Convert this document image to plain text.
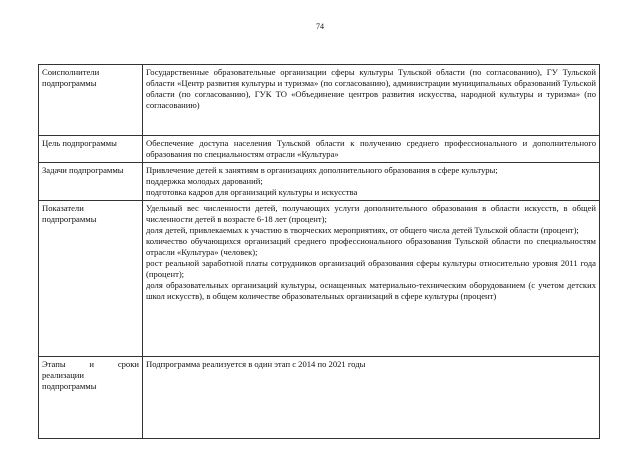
74
Соисполнители подпрограммы	Государственные образовательные организации сферы культуры Тульской области (по согласованию), ГУ Тульской области «Центр развития культуры и туризма» (по согласованию), администрации муниципальных образований Тульской области (по согласованию), ГУК ТО «Объединение центров развития искусства, народной культуры и туризма» (по согласованию)

Цель подпрограммы	Обеспечение доступа населения Тульской области к получению среднего профессионального и дополнительного образования по специальностям отрасли «Культура»

Задачи подпрограммы	Привлечение детей к занятиям в организациях дополнительного образования в сфере культуры;
поддержка молодых дарований;
подготовка кадров для организаций культуры и искусства

Показатели подпрограммы	Удельный вес численности детей, получающих услуги дополнительного образования в области искусств, в общей численности детей в возрасте 6-18 лет (процент);
доля детей, привлекаемых к участию в творческих мероприятиях, от общего числа детей Тульской области (процент);
количество обучающихся организаций среднего профессионального образования Тульской области по специальностям отрасли «Культура» (человек);
рост реальной заработной платы сотрудников организаций образования сферы культуры относительно уровня 2011 года (процент);
доля образовательных организаций культуры, оснащенных материально-техническим оборудованием (с учетом детских школ искусств), в общем количестве образовательных организаций в сфере культуры (процент)

Этапы и сроки реализации подпрограммы	Подпрограмма реализуется в один этап с 2014 по 2021 годы
